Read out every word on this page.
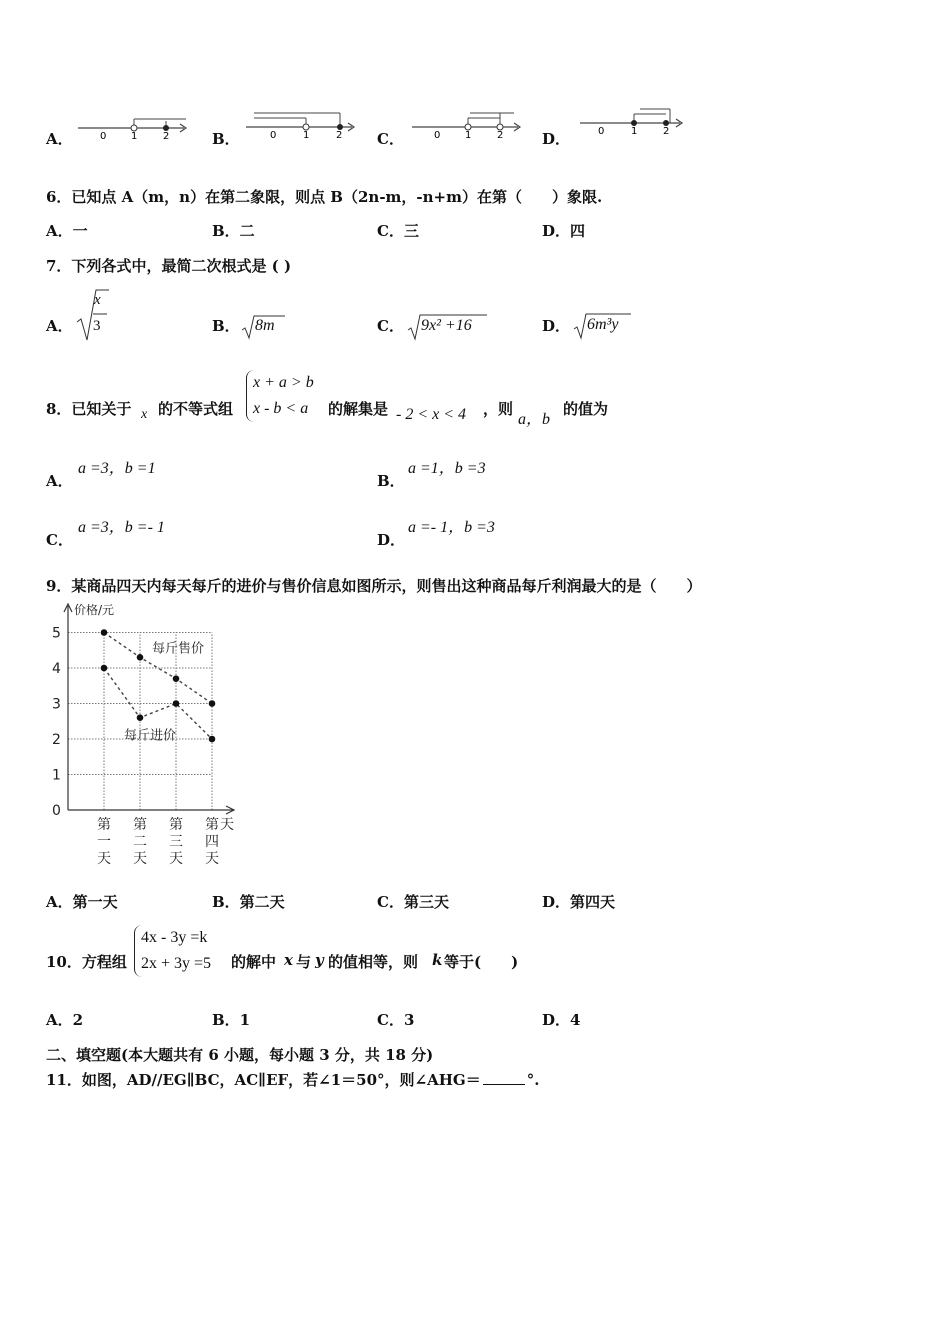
A．	0 1	2	B．	0	1	2 C．	0 1	2	D．	0	1	2
6．已知点 A（m，n）在第二象限，则点 B（2n-m，-n+m）在第（　　）象限.
A．一	B．二	C．三	D．四
7．下列各式中，最简二次根式是 ( )
A．
x
3	B． 8m	C． 9x² +16	D． 6m³y
8．已知关于 x 的不等式组
x + a > b
x - b < a	的解集是 - 2 < x < 4 ，则
a，b
的值为
A．
a =3，b =1
B．
a =1，b =3
C．
a =3，b =- 1
D．
a =- 1，b =3
9．某商品四天内每天每斤的进价与售价信息如图所示，则售出这种商品每斤利润最大的是（　　）
0
1
2
3
4
5
价格/元
天
第
一
天
第
二
天
第
三
天
第
四
天
每斤售价
每斤进价
A．第一天	B．第二天	C．第三天	D．第四天
10．方程组
4x - 3y =k
2x + 3y =5 的解中 x 与 y 的值相等，则 k 等于(　　)
A．2	B．1	C．3	D．4
二、填空题(本大题共有 6 小题，每小题 3 分，共 18 分)
11．如图，AD//EG∥BC，AC∥EF，若∠1＝50°，则∠AHG＝	°.
